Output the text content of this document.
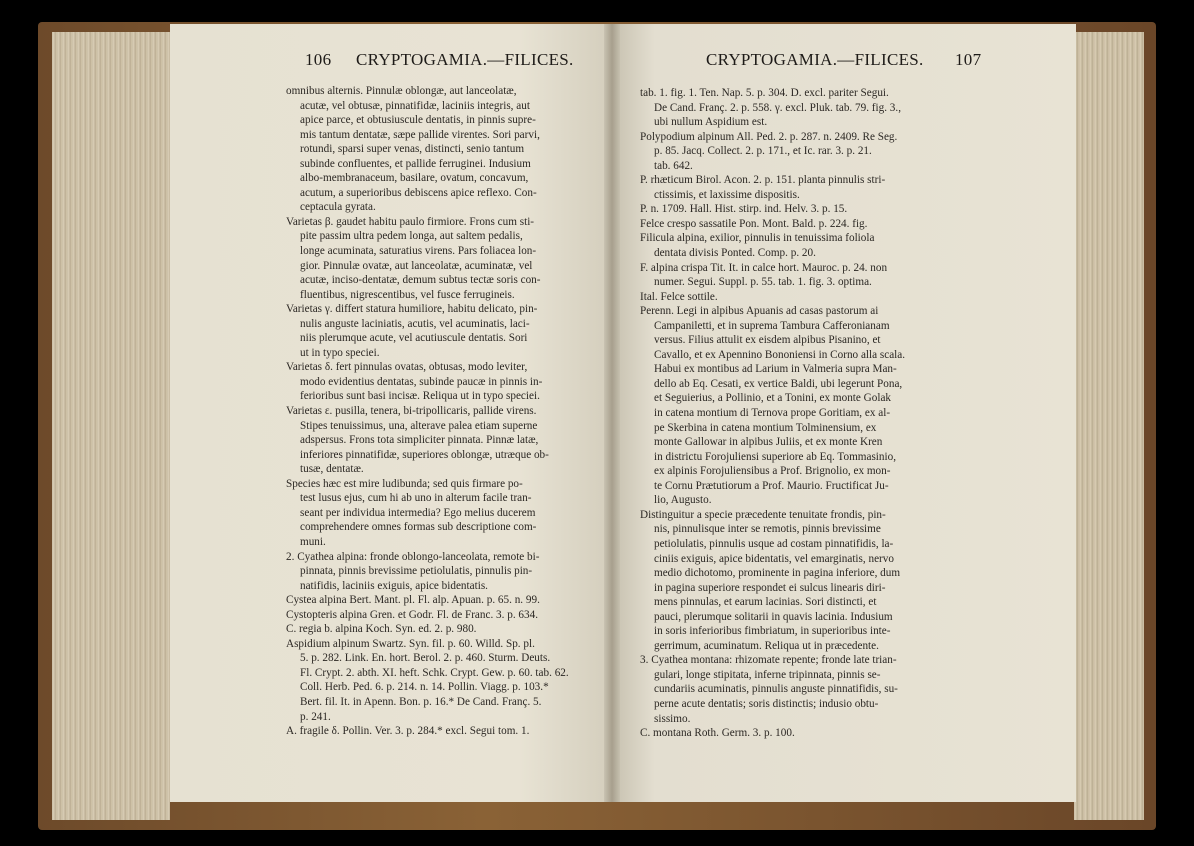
106 CRYPTOGAMIA.—FILICES.	CRYPTOGAMIA.—FILICES. 107
omnibus alternis. Pinnulæ oblongæ, aut lanceolatæ,
acutæ, vel obtusæ, pinnatifidæ, laciniis integris, aut
apice parce, et obtusiuscule dentatis, in pinnis supre-
mis tantum dentatæ, sæpe pallide virentes. Sori parvi,
rotundi, sparsi super venas, distincti, senio tantum
subinde confluentes, et pallide ferruginei. Indusium
albo-membranaceum, basilare, ovatum, concavum,
acutum, a superioribus debiscens apice reflexo. Con-
ceptacula gyrata.
Varietas β. gaudet habitu paulo firmiore. Frons cum sti-
pite passim ultra pedem longa, aut saltem pedalis,
longe acuminata, saturatius virens. Pars foliacea lon-
gior. Pinnulæ ovatæ, aut lanceolatæ, acuminatæ, vel
acutæ, inciso-dentatæ, demum subtus tectæ soris con-
fluentibus, nigrescentibus, vel fusce ferrugineis.
Varietas γ. differt statura humiliore, habitu delicato, pin-
nulis anguste laciniatis, acutis, vel acuminatis, laci-
niis plerumque acute, vel acutiuscule dentatis. Sori
ut in typo speciei.
Varietas δ. fert pinnulas ovatas, obtusas, modo leviter,
modo evidentius dentatas, subinde paucæ in pinnis in-
ferioribus sunt basi incisæ. Reliqua ut in typo speciei.
Varietas ε. pusilla, tenera, bi-tripollicaris, pallide virens.
Stipes tenuissimus, una, alterave palea etiam superne
adspersus. Frons tota simpliciter pinnata. Pinnæ latæ,
inferiores pinnatifidæ, superiores oblongæ, utræque ob-
tusæ, dentatæ.
Species hæc est mire ludibunda; sed quis firmare po-
test lusus ejus, cum hi ab uno in alterum facile tran-
seant per individua intermedia? Ego melius ducerem
comprehendere omnes formas sub descriptione com-
muni.
2. Cyathea alpina: fronde oblongo-lanceolata, remote bi-
pinnata, pinnis brevissime petiolulatis, pinnulis pin-
natifidis, laciniis exiguis, apice bidentatis.
Cystea alpina Bert. Mant. pl. Fl. alp. Apuan. p. 65. n. 99.
Cystopteris alpina Gren. et Godr. Fl. de Franc. 3. p. 634.
C. regia b. alpina Koch. Syn. ed. 2. p. 980.
Aspidium alpinum Swartz. Syn. fil. p. 60. Willd. Sp. pl.
5. p. 282. Link. En. hort. Berol. 2. p. 460. Sturm. Deuts.
Fl. Crypt. 2. abth. XI. heft. Schk. Crypt. Gew. p. 60. tab. 62.
Coll. Herb. Ped. 6. p. 214. n. 14. Pollin. Viagg. p. 103.*
Bert. fil. It. in Apenn. Bon. p. 16.* De Cand. Franç. 5.
p. 241.
A. fragile δ. Pollin. Ver. 3. p. 284.* excl. Segui tom. 1.
tab. 1. fig. 1. Ten. Nap. 5. p. 304. D. excl. pariter Segui.
De Cand. Franç. 2. p. 558. γ. excl. Pluk. tab. 79. fig. 3.,
ubi nullum Aspidium est.
Polypodium alpinum All. Ped. 2. p. 287. n. 2409. Re Seg.
p. 85. Jacq. Collect. 2. p. 171., et Ic. rar. 3. p. 21.
tab. 642.
P. rhæticum Birol. Acon. 2. p. 151. planta pinnulis stri-
ctissimis, et laxissime dispositis.
P. n. 1709. Hall. Hist. stirp. ind. Helv. 3. p. 15.
Felce crespo sassatile Pon. Mont. Bald. p. 224. fig.
Filicula alpina, exilior, pinnulis in tenuissima foliola
dentata divisis Ponted. Comp. p. 20.
F. alpina crispa Tit. It. in calce hort. Mauroc. p. 24. non
numer. Segui. Suppl. p. 55. tab. 1. fig. 3. optima.
Ital. Felce sottile.
Perenn. Legi in alpibus Apuanis ad casas pastorum ai
Campaniletti, et in suprema Tambura Cafferonianam
versus. Filius attulit ex eisdem alpibus Pisanino, et
Cavallo, et ex Apennino Bononiensi in Corno alla scala.
Habui ex montibus ad Larium in Valmeria supra Man-
dello ab Eq. Cesati, ex vertice Baldi, ubi legerunt Pona,
et Seguierius, a Pollinio, et a Tonini, ex monte Golak
in catena montium di Ternova prope Goritiam, ex al-
pe Skerbina in catena montium Tolminensium, ex
monte Gallowar in alpibus Juliis, et ex monte Kren
in districtu Forojuliensi superiore ab Eq. Tommasinio,
ex alpinis Forojuliensibus a Prof. Brignolio, ex mon-
te Cornu Prætutiorum a Prof. Maurio. Fructificat Ju-
lio, Augusto.
Distinguitur a specie præcedente tenuitate frondis, pin-
nis, pinnulisque inter se remotis, pinnis brevissime
petiolulatis, pinnulis usque ad costam pinnatifidis, la-
ciniis exiguis, apice bidentatis, vel emarginatis, nervo
medio dichotomo, prominente in pagina inferiore, dum
in pagina superiore respondet ei sulcus linearis diri-
mens pinnulas, et earum lacinias. Sori distincti, et
pauci, plerumque solitarii in quavis lacinia. Indusium
in soris inferioribus fimbriatum, in superioribus inte-
gerrimum, acuminatum. Reliqua ut in præcedente.
3. Cyathea montana: rhizomate repente; fronde late trian-
gulari, longe stipitata, inferne tripinnata, pinnis se-
cundariis acuminatis, pinnulis anguste pinnatifidis, su-
perne acute dentatis; soris distinctis; indusio obtu-
sissimo.
C. montana Roth. Germ. 3. p. 100.
